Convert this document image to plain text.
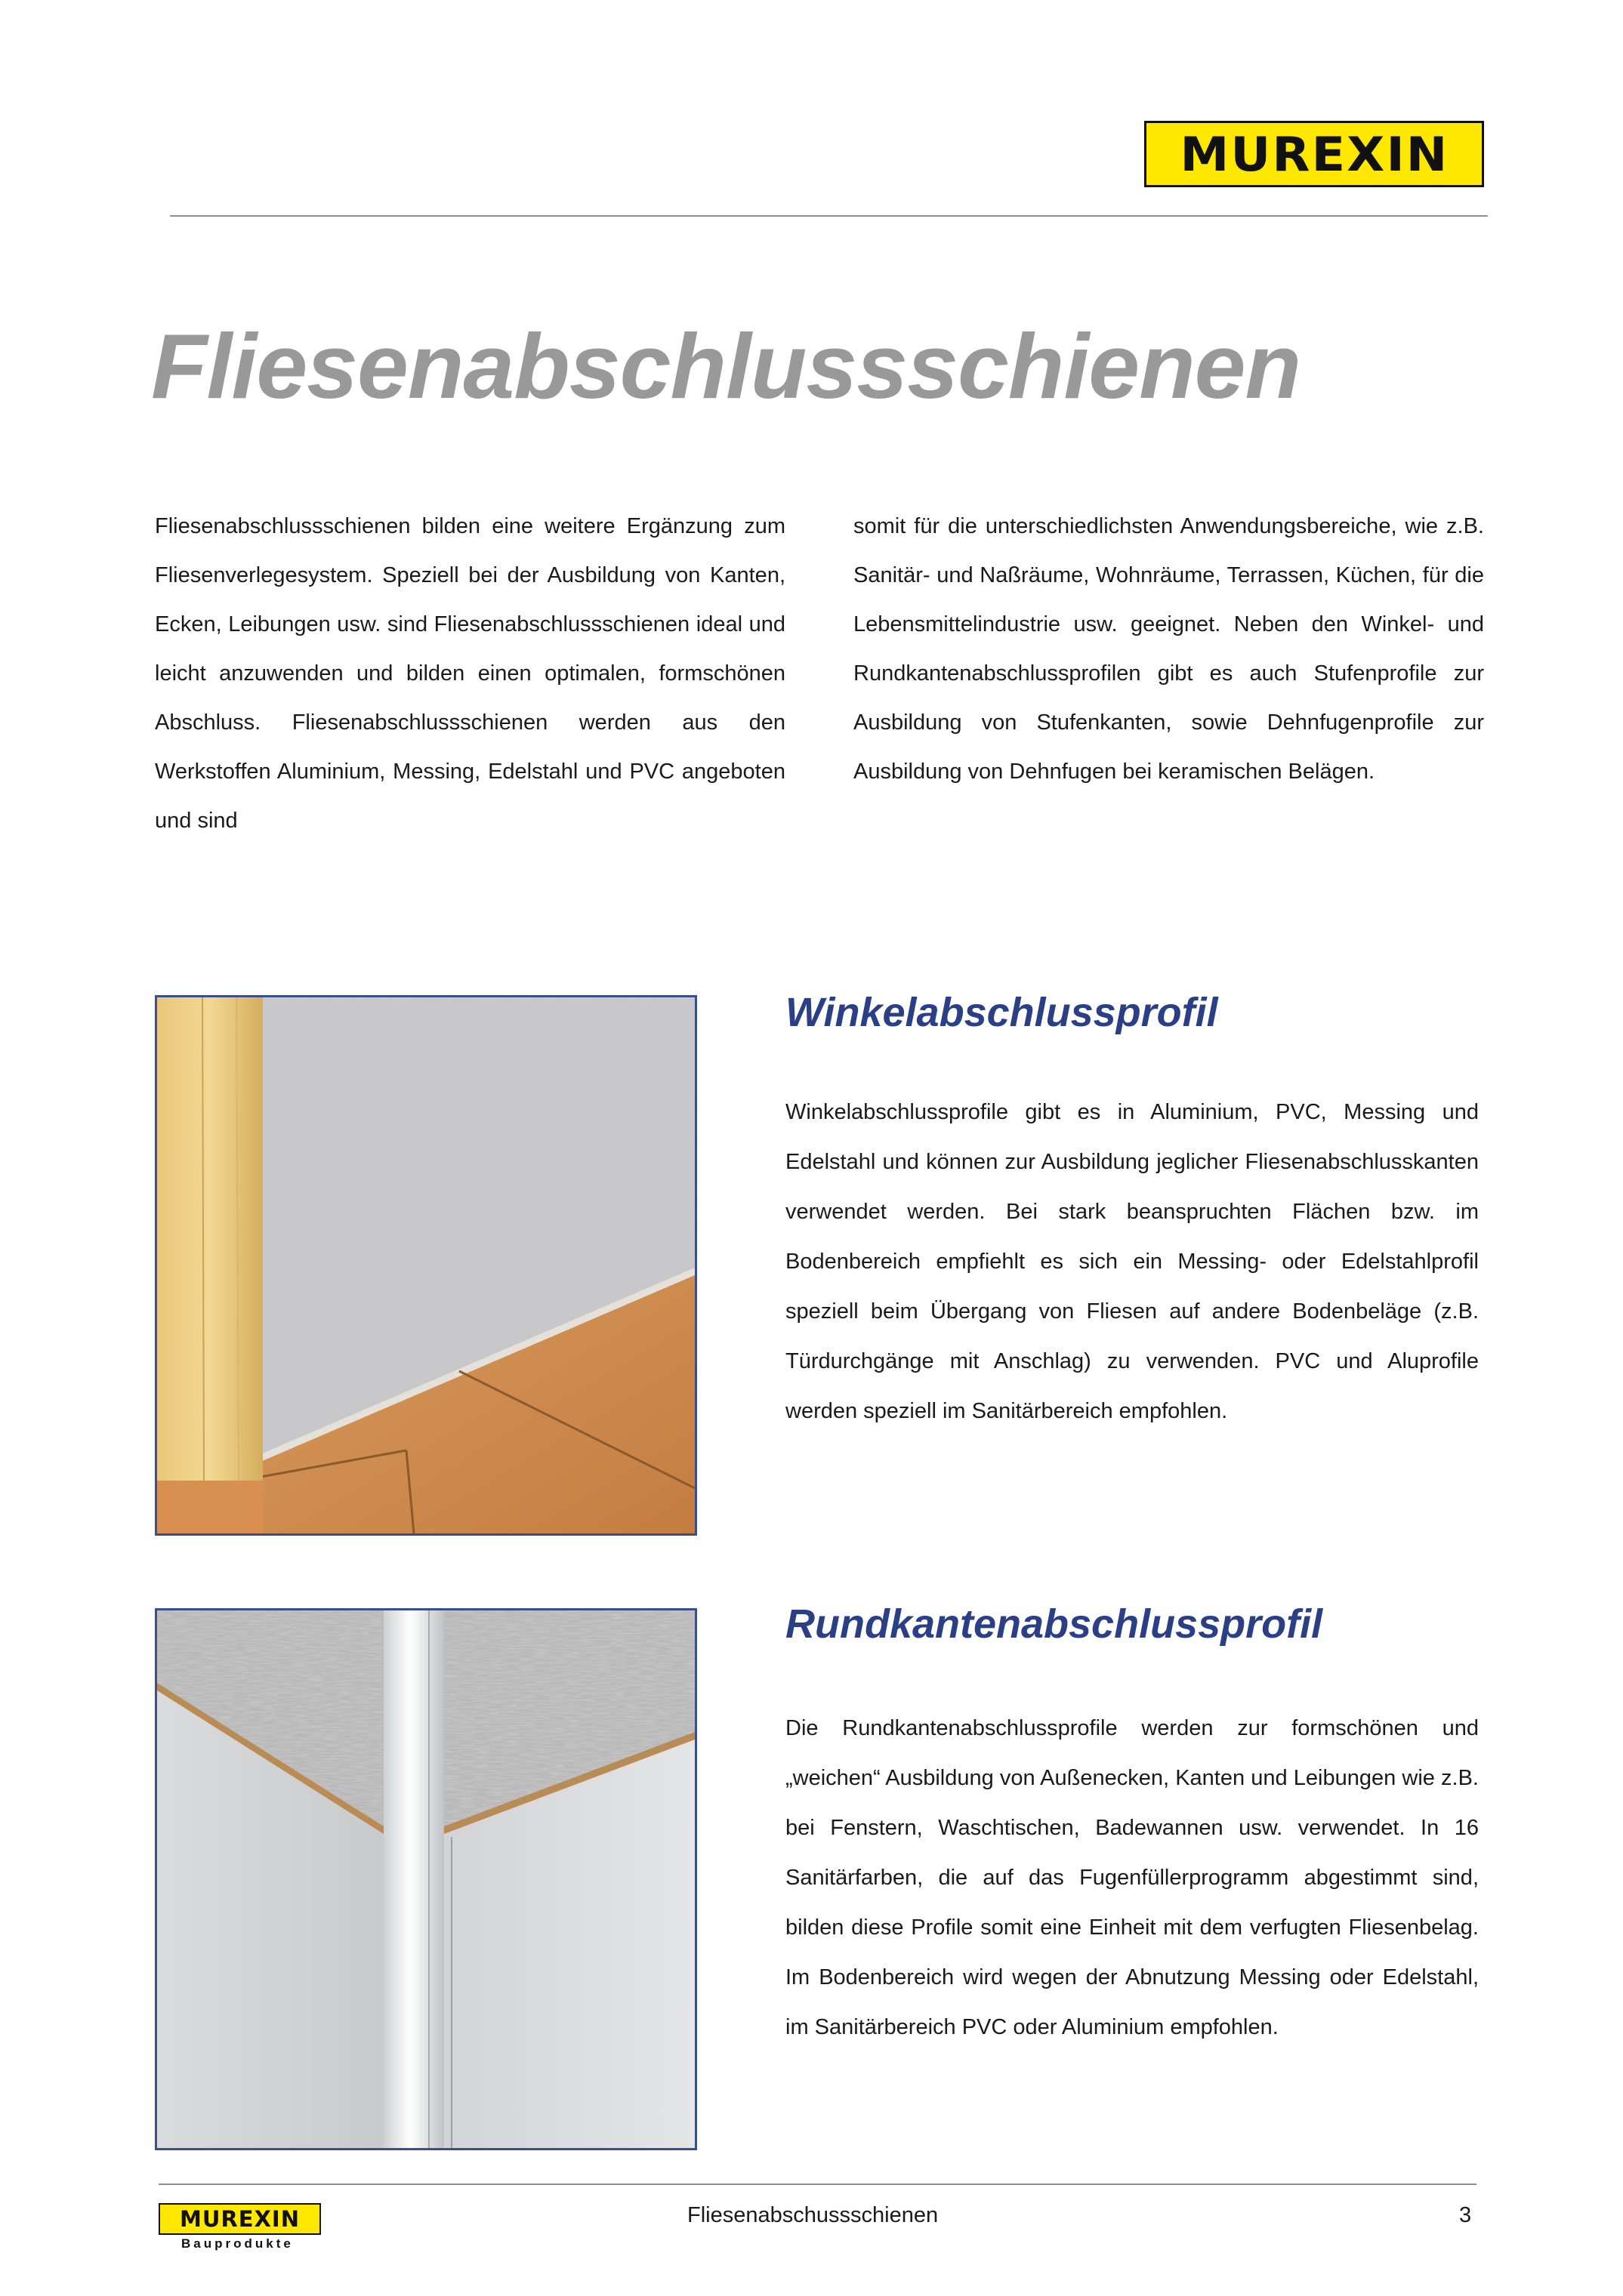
MUREXIN
Fliesenabschlussschienen

Fliesenabschlussschienen bilden eine weitere Ergänzung zum Fliesenverlegesystem. Speziell bei der Ausbildung von Kanten, Ecken, Leibungen usw. sind Fliesenabschlussschienen ideal und leicht anzuwenden und bilden einen optimalen, formschönen Abschluss. Fliesenabschlussschienen werden aus den Werkstoffen Aluminium, Messing, Edelstahl und PVC angeboten und sind

somit für die unterschiedlichsten Anwendungsbereiche, wie z.B. Sanitär- und Naßräume, Wohnräume, Terrassen, Küchen, für die Lebensmittelindustrie usw. geeignet. Neben den Winkel- und Rundkantenabschlussprofilen gibt es auch Stufenprofile zur Ausbildung von Stufenkanten, sowie Dehnfugenprofile zur Ausbildung von Dehnfugen bei keramischen Belägen.

Winkelabschlussprofil

Winkelabschlussprofile gibt es in Aluminium, PVC, Messing und Edelstahl und können zur Ausbildung jeglicher Fliesenabschlusskanten verwendet werden. Bei stark beanspruchten Flächen bzw. im Bodenbereich empfiehlt es sich ein Messing- oder Edelstahlprofil speziell beim Übergang von Fliesen auf andere Bodenbeläge (z.B. Türdurchgänge mit Anschlag) zu verwenden. PVC und Aluprofile werden speziell im Sanitärbereich empfohlen.

Rundkantenabschlussprofil

Die Rundkantenabschlussprofile werden zur formschönen und „weichen“ Ausbildung von Außenecken, Kanten und Leibungen wie z.B. bei Fenstern, Waschtischen, Badewannen usw. verwendet. In 16 Sanitärfarben, die auf das Fugenfüllerprogramm abgestimmt sind, bilden diese Profile somit eine Einheit mit dem verfugten Fliesenbelag. Im Bodenbereich wird wegen der Abnutzung Messing oder Edelstahl, im Sanitärbereich PVC oder Aluminium empfohlen.

MUREXIN
Bauprodukte
Fliesenabschussschienen	3
